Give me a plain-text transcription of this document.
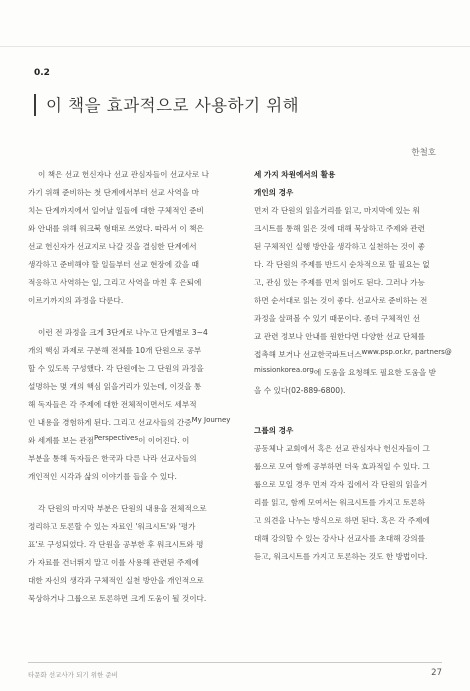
0.2
이 책을 효과적으로 사용하기 위해
한철호

이 책은 선교 헌신자나 선교 관심자들이 선교사로 나

가기 위해 준비하는 첫 단계에서부터 선교 사역을 마

치는 단계까지에서 일어날 일들에 대한 구체적인 준비

와 안내를 위해 워크북 형태로 쓰였다. 따라서 이 책은

선교 헌신자가 선교지로 나갈 것을 결심한 단계에서

생각하고 준비해야 할 일들부터 선교 현장에 갔을 때

적응하고 사역하는 일, 그리고 사역을 마친 후 은퇴에

이르기까지의 과정을 다룬다.

이런 전 과정을 크게 3단계로 나누고 단계별로 3~4

개의 핵심 과제로 구분해 전체를 10개 단원으로 공부

할 수 있도록 구성했다. 각 단원에는 그 단원의 과정을

설명하는 몇 개의 핵심 읽을거리가 있는데, 이것을 통

해 독자들은 각 주제에 대한 전체적이면서도 세부적

인 내용을 경험하게 된다. 그리고 선교사들의 간증My Journey

와 세계를 보는 관점Perspectives이 이어진다. 이

부분을 통해 독자들은 한국과 다른 나라 선교사들의

개인적인 시각과 삶의 이야기를 들을 수 있다.

각 단원의 마지막 부분은 단원의 내용을 전체적으로

정리하고 토론할 수 있는 자료인 '워크시트'와 '평가

표'로 구성되었다. 각 단원을 공부한 후 워크시트와 평

가 자료를 건너뛰지 말고 이를 사용해 관련된 주제에

대한 자신의 생각과 구체적인 실천 방안을 개인적으로

묵상하거나 그룹으로 토론하면 크게 도움이 될 것이다.

세 가지 차원에서의 활용

개인의 경우

먼저 각 단원의 읽을거리를 읽고, 마지막에 있는 워

크시트를 통해 읽은 것에 대해 묵상하고 주제와 관련

된 구체적인 실행 방안을 생각하고 실천하는 것이 좋

다. 각 단원의 주제를 반드시 순차적으로 할 필요는 없

고, 관심 있는 주제를 먼저 읽어도 된다. 그러나 가능

하면 순서대로 읽는 것이 좋다. 선교사로 준비하는 전

과정을 살펴볼 수 있기 때문이다. 좀더 구체적인 선

교 관련 정보나 안내를 원한다면 다양한 선교 단체를

접촉해 보거나 선교한국파트너스www.psp.or.kr, partners@

missionkorea.org에 도움을 요청해도 필요한 도움을 받

을 수 있다(02-889-6800).

그룹의 경우

공동체나 교회에서 혹은 선교 관심자나 헌신자들이 그

룹으로 모여 함께 공부하면 더욱 효과적일 수 있다. 그

룹으로 모일 경우 먼저 각자 집에서 각 단원의 읽을거

리를 읽고, 함께 모여서는 워크시트를 가지고 토론하

고 의견을 나누는 방식으로 하면 된다. 혹은 각 주제에

대해 강의할 수 있는 강사나 선교사를 초대해 강의를

듣고, 워크시트를 가지고 토론하는 것도 한 방법이다.

타문화 선교사가 되기 위한 준비	27
